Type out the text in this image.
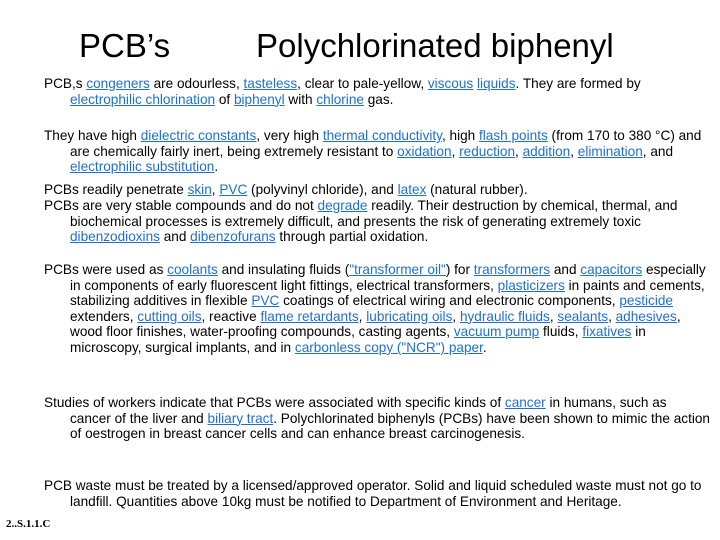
PCB’s	Polychlorinated biphenyl
PCB,s congeners are odourless, tasteless, clear to pale-yellow, viscous liquids. They are formed by electrophilic chlorination of biphenyl with chlorine gas.
They have high dielectric constants, very high thermal conductivity, high flash points (from 170 to 380 °C) and are chemically fairly inert, being extremely resistant to oxidation, reduction, addition, elimination, and electrophilic substitution.
PCBs readily penetrate skin, PVC (polyvinyl chloride), and latex (natural rubber).
PCBs are very stable compounds and do not degrade readily. Their destruction by chemical, thermal, and biochemical processes is extremely difficult, and presents the risk of generating extremely toxic dibenzodioxins and dibenzofurans through partial oxidation.
PCBs were used as coolants and insulating fluids ("transformer oil") for transformers and capacitors especially in components of early fluorescent light fittings, electrical transformers, plasticizers in paints and cements, stabilizing additives in flexible PVC coatings of electrical wiring and electronic components, pesticide extenders, cutting oils, reactive flame retardants, lubricating oils, hydraulic fluids, sealants, adhesives, wood floor finishes, water-proofing compounds, casting agents, vacuum pump fluids, fixatives in microscopy, surgical implants, and in carbonless copy ("NCR") paper.
Studies of workers indicate that PCBs were associated with specific kinds of cancer in humans, such as cancer of the liver and biliary tract. Polychlorinated biphenyls (PCBs) have been shown to mimic the action of oestrogen in breast cancer cells and can enhance breast carcinogenesis.
PCB waste must be treated by a licensed/approved operator. Solid and liquid scheduled waste must not go to landfill. Quantities above 10kg must be notified to Department of Environment and Heritage.
2..S.1.1.C
